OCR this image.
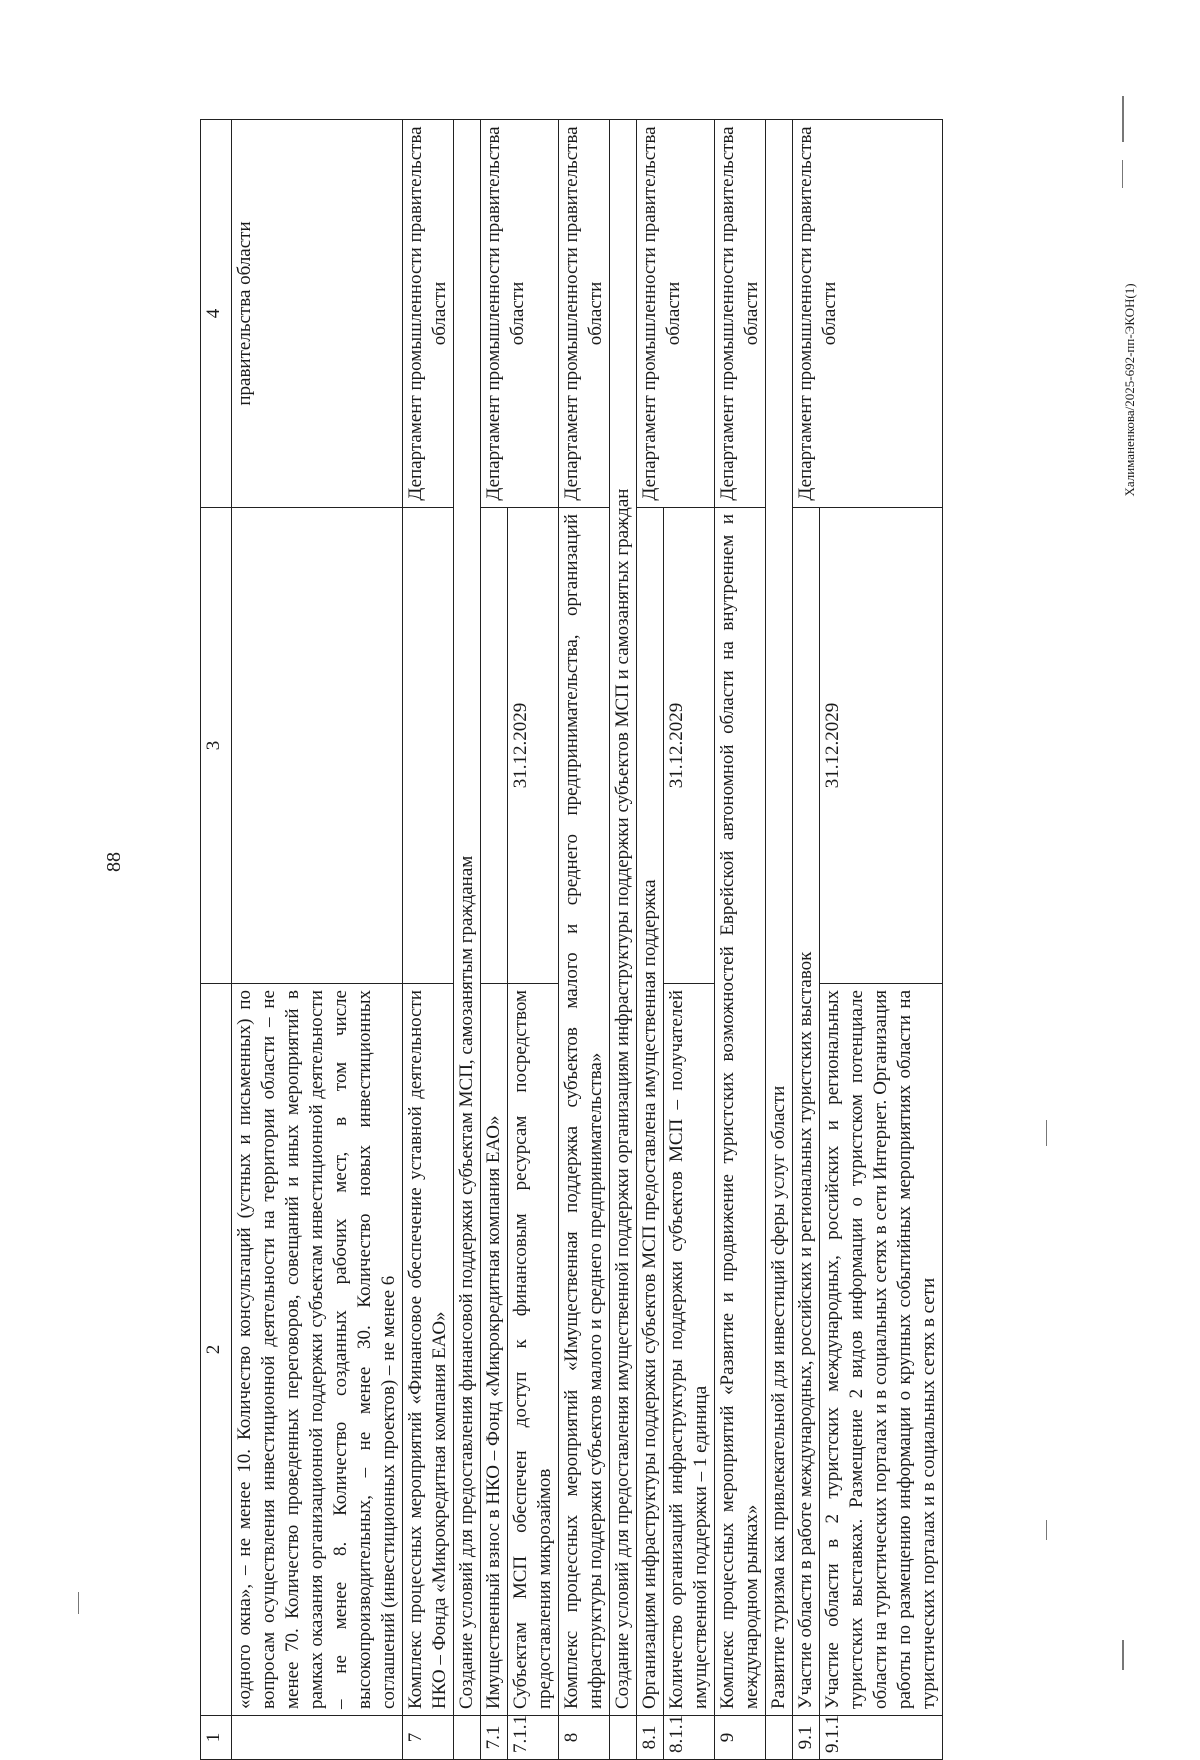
88
Халиманенкова/2025-692-пп-ЭКОН(1)
1	2	3	4
	«одного окна», – не менее 10. Количество консультаций (устных и письменных) по вопросам осуществления инвестиционной деятельности на территории области – не менее 70. Количество проведенных переговоров, совещаний и иных мероприятий в рамках оказания организационной поддержки субъектам инвестиционной деятельности – не менее 8. Количество созданных рабочих мест, в том числе высокопроизводительных, – не менее 30. Количество новых инвестиционных соглашений (инвестиционных проектов) – не менее 6		правительства области
7	Комплекс процессных мероприятий «Финансовое обеспечение уставной деятельности НКО – Фонда «Микрокредитная компания ЕАО»		Департамент промышленности правительства области
	Создание условий для предоставления финансовой поддержки субъектам МСП, самозанятым гражданам		
7.1	Имущественный взнос в НКО – Фонд «Микрокредитная компания ЕАО»		Департамент промышленности правительства области
7.1.1	Субъектам МСП обеспечен доступ к финансовым ресурсам посредством предоставления микрозаймов	31.12.2029	
8	Комплекс процессных мероприятий «Имущественная поддержка субъектов малого и среднего предпринимательства, организаций инфраструктуры поддержки субъектов малого и среднего предпринимательства»		Департамент промышленности правительства области
	Создание условий для предоставления имущественной поддержки организациям инфраструктуры поддержки субъектов МСП и самозанятых граждан		
8.1	Организациям инфраструктуры поддержки субъектов МСП предоставлена имущественная поддержка		Департамент промышленности правительства области
8.1.1	Количество организаций инфраструктуры поддержки субъектов МСП – получателей имущественной поддержки – 1 единица	31.12.2029	
9	Комплекс процессных мероприятий «Развитие и продвижение туристских возможностей Еврейской автономной области на внутреннем и международном рынках»		Департамент промышленности правительства области
	Развитие туризма как привлекательной для инвестиций сферы услуг области		
9.1	Участие области в работе международных, российских и региональных туристских выставок		Департамент промышленности правительства области
9.1.1	Участие области в 2 туристских международных, российских и региональных туристских выставках. Размещение 2 видов информации о туристском потенциале области на туристических порталах и в социальных сетях в сети Интернет. Организация работы по размещению информации о крупных событийных мероприятиях области на туристических порталах и в социальных сетях в сети	31.12.2029	
